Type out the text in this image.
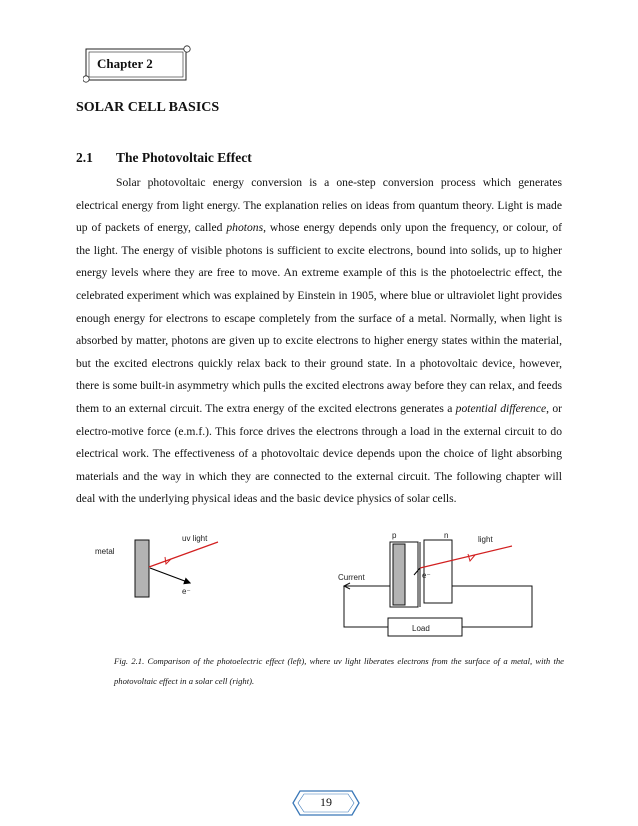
Chapter 2
SOLAR CELL BASICS
2.1 The Photovoltaic Effect

Solar photovoltaic energy conversion is a one-step conversion process which generates electrical energy from light energy. The explanation relies on ideas from quantum theory. Light is made up of packets of energy, called photons, whose energy depends only upon the frequency, or colour, of the light. The energy of visible photons is sufficient to excite electrons, bound into solids, up to higher energy levels where they are free to move. An extreme example of this is the photoelectric effect, the celebrated experiment which was explained by Einstein in 1905, where blue or ultraviolet light provides enough energy for electrons to escape completely from the surface of a metal. Normally, when light is absorbed by matter, photons are given up to excite electrons to higher energy states within the material, but the excited electrons quickly relax back to their ground state. In a photovoltaic device, however, there is some built-in asymmetry which pulls the excited electrons away before they can relax, and feeds them to an external circuit. The extra energy of the excited electrons generates a potential difference, or electro-motive force (e.m.f.). This force drives the electrons through a load in the external circuit to do electrical work. The effectiveness of a photovoltaic device depends upon the choice of light absorbing materials and the way in which they are connected to the external circuit. The following chapter will deal with the underlying physical ideas and the basic device physics of solar cells.

metal
uv light
e⁻
p	n	light
e⁻
Current
Load
Fig. 2.1. Comparison of the photoelectric effect (left), where uv light liberates electrons from the surface of a metal, with the photovoltaic effect in a solar cell (right).
19
